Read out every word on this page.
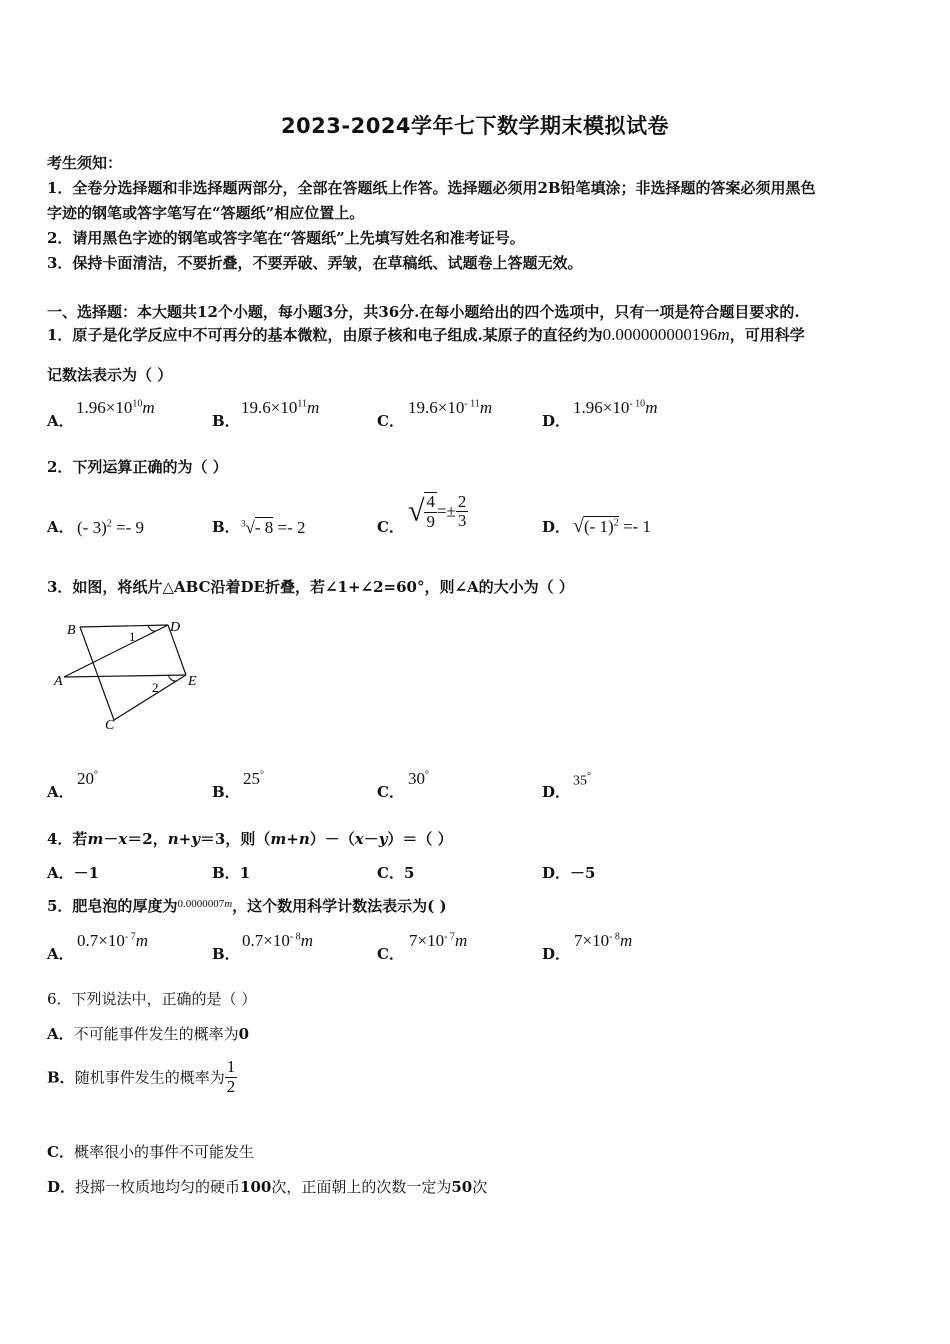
2023-2024学年七下数学期末模拟试卷
考生须知：
1．全卷分选择题和非选择题两部分，全部在答题纸上作答。选择题必须用2B铅笔填涂；非选择题的答案必须用黑色
字迹的钢笔或答字笔写在“答题纸”相应位置上。
2．请用黑色字迹的钢笔或答字笔在“答题纸”上先填写姓名和准考证号。
3．保持卡面清洁，不要折叠，不要弄破、弄皱，在草稿纸、试题卷上答题无效。
一、选择题：本大题共12个小题，每小题3分，共36分.在每小题给出的四个选项中，只有一项是符合题目要求的.
1．原子是化学反应中不可再分的基本微粒，由原子核和电子组成.某原子的直径约为0.000000000196m，可用科学
记数法表示为（ ）
A．
$1.96\times 10^{10}m$
B．
$19.6\times 10^{11}m$
C．
$19.6\times 10^{- 11}m$
D．
$1.96\times 10^{- 10}m$
2．下列运算正确的为（ ）
A． (- 3)$^2$ =- 9	B． $^3$√- 8 =- 2	C． √ $\frac{4}{9} =\pm \frac{2}{3}$	D． √(- 1)$^2$ =- 1
3．如图，将纸片△ABC沿着DE折叠，若∠1+∠2=60°，则∠A的大小为（ ）
B	D
A	E
C
1
2
A．
20°
B．
25°
C．
30°
D．
35°
4．若m－x＝2，n+y＝3，则（m+n）－（x－y）＝（ ）
A．－1	B．1	C．5	D．－5
5．肥皂泡的厚度为$^{0.0000007m}$，这个数用科学计数法表示为( )
A．
$0.7\times 10^{- 7}m$
B．
$0.7\times 10^{- 8}m$
C．
$7\times 10^{- 7}m$
D．
$7\times 10^{- 8}m$
6．下列说法中，正确的是（ ）
A．不可能事件发生的概率为0
B．随机事件发生的概率为 $\frac{1}{2}$
C．概率很小的事件不可能发生
D．投掷一枚质地均匀的硬币100次，正面朝上的次数一定为50次
